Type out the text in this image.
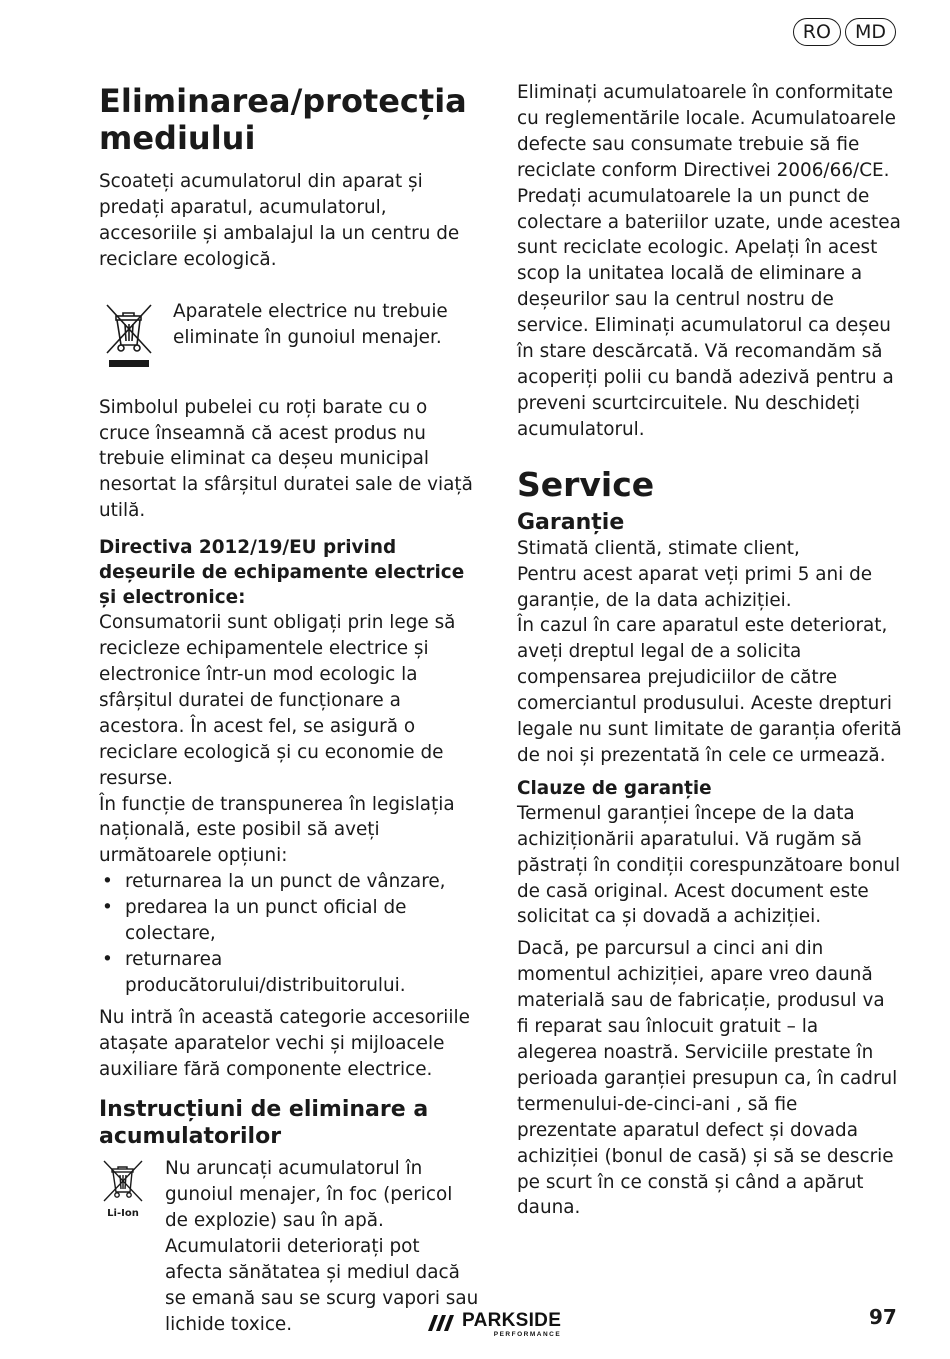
RO	MD
Eliminarea/protecția mediului

Scoateți acumulatorul din aparat și predați aparatul, acumulatorul, accesoriile și ambalajul la un centru de reciclare ecologică.

Aparatele electrice nu trebuie eliminate în gunoiul menajer.

Simbolul pubelei cu roți barate cu o cruce înseamnă că acest produs nu trebuie eliminat ca deșeu municipal nesortat la sfârșitul duratei sale de viață utilă.

Directiva 2012/19/EU privind deșeurile de echipamente electrice și electronice:

Consumatorii sunt obligați prin lege să recicleze echipamentele electrice și electronice într-un mod ecologic la sfârșitul duratei de funcționare a acestora. În acest fel, se asigură o reciclare ecologică și cu economie de resurse.

În funcție de transpunerea în legislația națională, este posibil să aveți următoarele opțiuni:

• returnarea la un punct de vânzare,
• predarea la un punct oficial de colectare,
• returnarea producătorului/distribuitorului.

Nu intră în această categorie accesoriile atașate aparatelor vechi și mijloacele auxiliare fără componente electrice.

Instrucțiuni de eliminare a acumulatorilor
Li-Ion

Nu aruncați acumulatorul în gunoiul menajer, în foc (pericol de explozie) sau în apă. Acumulatorii deteriorați pot afecta sănătatea și mediul dacă se emană sau se scurg vapori sau lichide toxice.

Eliminați acumulatoarele în conformitate cu reglementările locale. Acumulatoarele defecte sau consumate trebuie să fie reciclate conform Directivei 2006/66/CE. Predați acumulatoarele la un punct de colectare a bateriilor uzate, unde acestea sunt reciclate ecologic. Apelați în acest scop la unitatea locală de eliminare a deșeurilor sau la centrul nostru de service. Eliminați acumulatorul ca deșeu în stare descărcată. Vă recomandăm să acoperiți polii cu bandă adezivă pentru a preveni scurtcircuitele. Nu deschideți acumulatorul.

Service
Garanție

Stimată clientă, stimate client,

Pentru acest aparat veți primi 5 ani de garanție, de la data achiziției.

În cazul în care aparatul este deteriorat, aveți dreptul legal de a solicita compensarea prejudiciilor de către comerciantul produsului. Aceste drepturi legale nu sunt limitate de garanția oferită de noi și prezentată în cele ce urmează.

Clauze de garanție

Termenul garanției începe de la data achiziționării aparatului. Vă rugăm să păstrați în condiții corespunzătoare bonul de casă original. Acest document este solicitat ca și dovadă a achiziției.

Dacă, pe parcursul a cinci ani din momentul achiziției, apare vreo daună materială sau de fabricație, produsul va fi reparat sau înlocuit gratuit – la alegerea noastră. Serviciile prestate în perioada garanției presupun ca, în cadrul termenului-de-cinci-ani , să fie prezentate aparatul defect și dovada achiziției (bonul de casă) și să se descrie pe scurt în ce constă și când a apărut dauna.

PARKSIDE
PERFORMANCE
97
